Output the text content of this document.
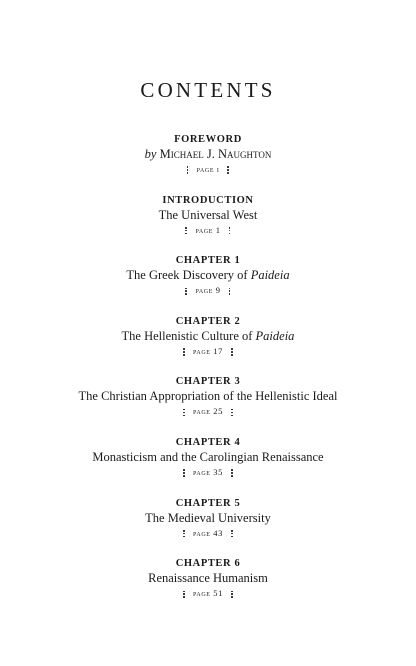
CONTENTS
FOREWORD
by Michael J. Naughton
page i
INTRODUCTION
The Universal West
page 1
CHAPTER 1
The Greek Discovery of Paideia
page 9
CHAPTER 2
The Hellenistic Culture of Paideia
page 17
CHAPTER 3
The Christian Appropriation of the Hellenistic Ideal
page 25
CHAPTER 4
Monasticism and the Carolingian Renaissance
page 35
CHAPTER 5
The Medieval University
page 43
CHAPTER 6
Renaissance Humanism
page 51
